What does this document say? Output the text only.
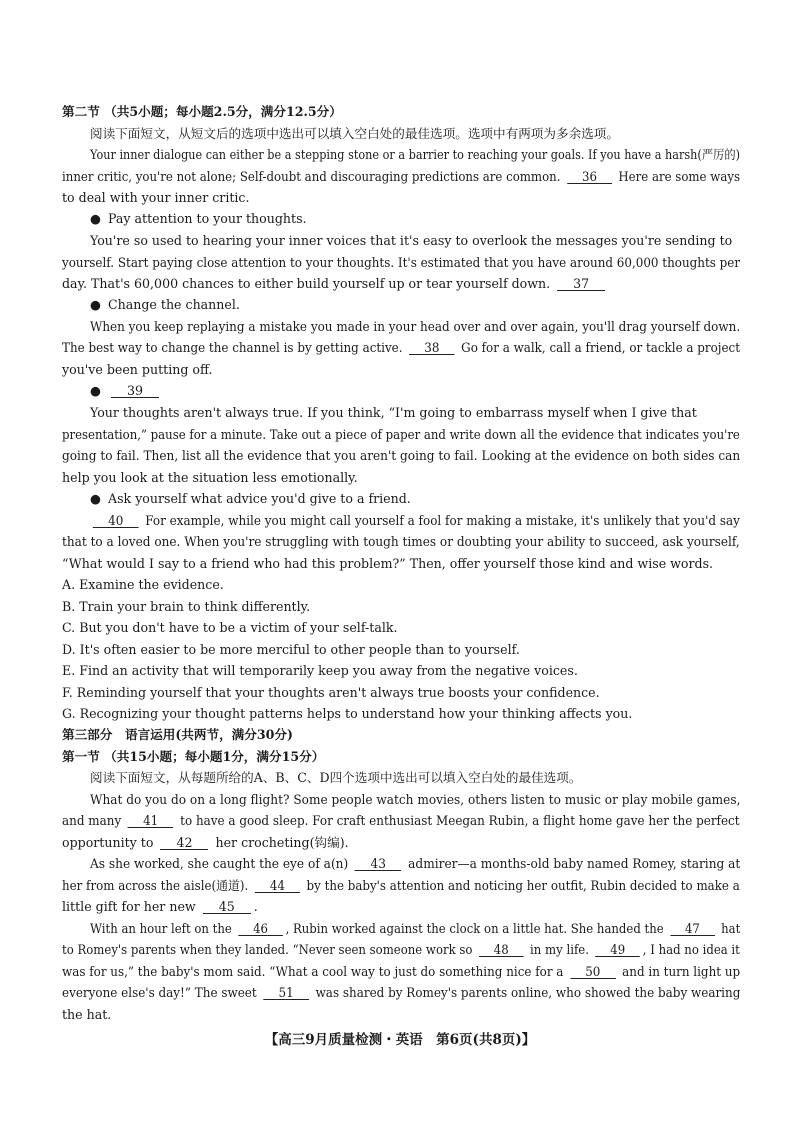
第二节 （共5小题；每小题2.5分，满分12.5分）
阅读下面短文，从短文后的选项中选出可以填入空白处的最佳选项。选项中有两项为多余选项。
Your inner dialogue can either be a stepping stone or a barrier to reaching your goals. If you have a harsh(严厉的)
inner critic, you're not alone; Self-doubt and discouraging predictions are common. 36 Here are some ways
to deal with your inner critic.
● Pay attention to your thoughts.
You're so used to hearing your inner voices that it's easy to overlook the messages you're sending to
yourself. Start paying close attention to your thoughts. It's estimated that you have around 60,000 thoughts per
day. That's 60,000 chances to either build yourself up or tear yourself down. 37
● Change the channel.
When you keep replaying a mistake you made in your head over and over again, you'll drag yourself down.
The best way to change the channel is by getting active. 38 Go for a walk, call a friend, or tackle a project
you've been putting off.
● 39
Your thoughts aren't always true. If you think, “I'm going to embarrass myself when I give that
presentation,” pause for a minute. Take out a piece of paper and write down all the evidence that indicates you're
going to fail. Then, list all the evidence that you aren't going to fail. Looking at the evidence on both sides can
help you look at the situation less emotionally.
● Ask yourself what advice you'd give to a friend.
40 For example, while you might call yourself a fool for making a mistake, it's unlikely that you'd say
that to a loved one. When you're struggling with tough times or doubting your ability to succeed, ask yourself,
“What would I say to a friend who had this problem?” Then, offer yourself those kind and wise words.
A. Examine the evidence.
B. Train your brain to think differently.
C. But you don't have to be a victim of your self-talk.
D. It's often easier to be more merciful to other people than to yourself.
E. Find an activity that will temporarily keep you away from the negative voices.
F. Reminding yourself that your thoughts aren't always true boosts your confidence.
G. Recognizing your thought patterns helps to understand how your thinking affects you.
第三部分　语言运用(共两节，满分30分)
第一节 （共15小题；每小题1分，满分15分）
阅读下面短文，从每题所给的A、B、C、D四个选项中选出可以填入空白处的最佳选项。
What do you do on a long flight? Some people watch movies, others listen to music or play mobile games,
and many 41 to have a good sleep. For craft enthusiast Meegan Rubin, a flight home gave her the perfect
opportunity to 42 her crocheting(钩编).
As she worked, she caught the eye of a(n) 43 admirer—a months-old baby named Romey, staring at
her from across the aisle(通道). 44 by the baby's attention and noticing her outfit, Rubin decided to make a
little gift for her new 45 .
With an hour left on the 46 , Rubin worked against the clock on a little hat. She handed the 47 hat
to Romey's parents when they landed. “Never seen someone work so 48 in my life. 49 , I had no idea it
was for us,” the baby's mom said. “What a cool way to just do something nice for a 50 and in turn light up
everyone else's day!” The sweet 51 was shared by Romey's parents online, who showed the baby wearing
the hat.
【高三9月质量检测・英语　第6页(共8页)】
